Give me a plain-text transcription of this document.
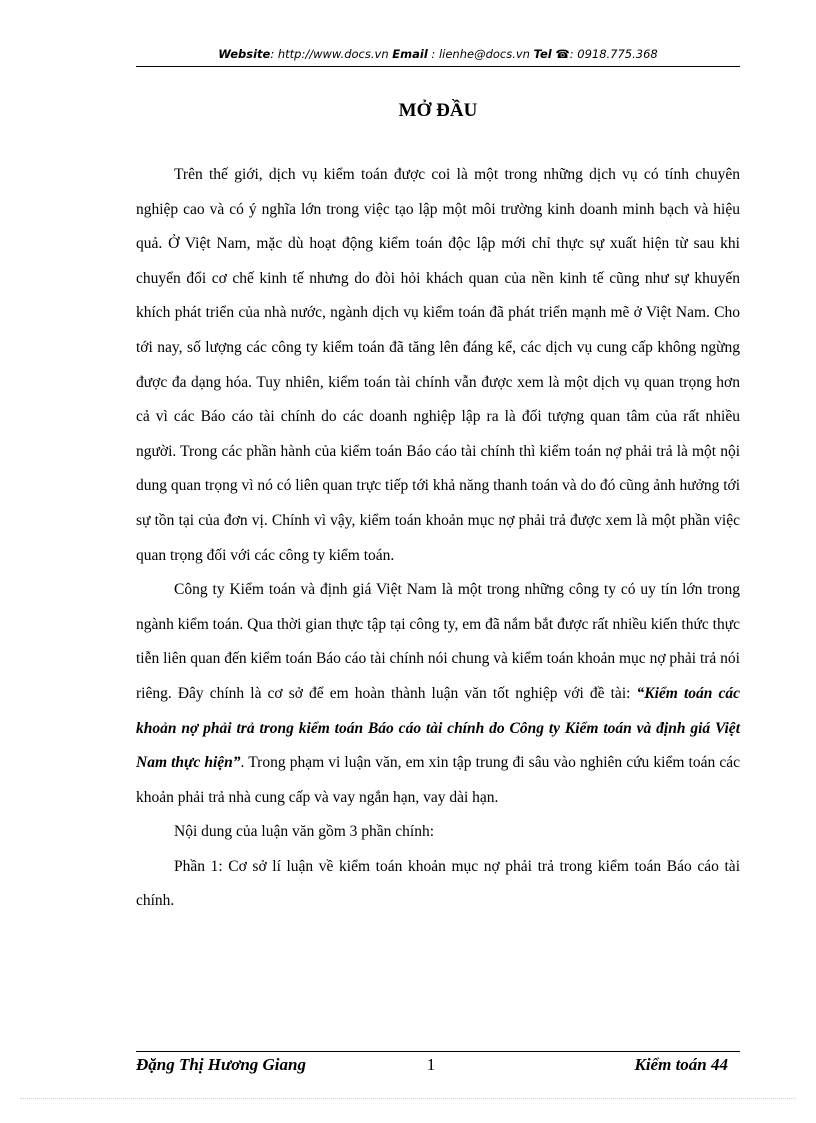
Website: http://www.docs.vn Email : lienhe@docs.vn Tel ☎: 0918.775.368
MỞ ĐẦU

Trên thế giới, dịch vụ kiểm toán được coi là một trong những dịch vụ có tính chuyên nghiệp cao và có ý nghĩa lớn trong việc tạo lập một môi trường kinh doanh minh bạch và hiệu quả. Ở Việt Nam, mặc dù hoạt động kiểm toán độc lập mới chỉ thực sự xuất hiện từ sau khi chuyển đổi cơ chế kinh tế nhưng do đòi hỏi khách quan của nền kinh tế cũng như sự khuyến khích phát triển của nhà nước, ngành dịch vụ kiểm toán đã phát triển mạnh mẽ ở Việt Nam. Cho tới nay, số lượng các công ty kiểm toán đã tăng lên đáng kể, các dịch vụ cung cấp không ngừng được đa dạng hóa. Tuy nhiên, kiểm toán tài chính vẫn được xem là một dịch vụ quan trọng hơn cả vì các Báo cáo tài chính do các doanh nghiệp lập ra là đối tượng quan tâm của rất nhiều người. Trong các phần hành của kiểm toán Báo cáo tài chính thì kiểm toán nợ phải trả là một nội dung quan trọng vì nó có liên quan trực tiếp tới khả năng thanh toán và do đó cũng ảnh hưởng tới sự tồn tại của đơn vị. Chính vì vậy, kiểm toán khoản mục nợ phải trả được xem là một phần việc quan trọng đối với các công ty kiểm toán.

Công ty Kiểm toán và định giá Việt Nam là một trong những công ty có uy tín lớn trong ngành kiểm toán. Qua thời gian thực tập tại công ty, em đã nắm bắt được rất nhiều kiến thức thực tiễn liên quan đến kiểm toán Báo cáo tài chính nói chung và kiểm toán khoản mục nợ phải trả nói riêng. Đây chính là cơ sở để em hoàn thành luận văn tốt nghiệp với đề tài: “Kiểm toán các khoản nợ phải trả trong kiểm toán Báo cáo tài chính do Công ty Kiểm toán và định giá Việt Nam thực hiện”. Trong phạm vi luận văn, em xin tập trung đi sâu vào nghiên cứu kiểm toán các khoản phải trả nhà cung cấp và vay ngắn hạn, vay dài hạn.

Nội dung của luận văn gồm 3 phần chính:

Phần 1: Cơ sở lí luận về kiểm toán khoản mục nợ phải trả trong kiểm toán Báo cáo tài chính.

Đặng Thị Hương Giang	1	Kiểm toán 44
